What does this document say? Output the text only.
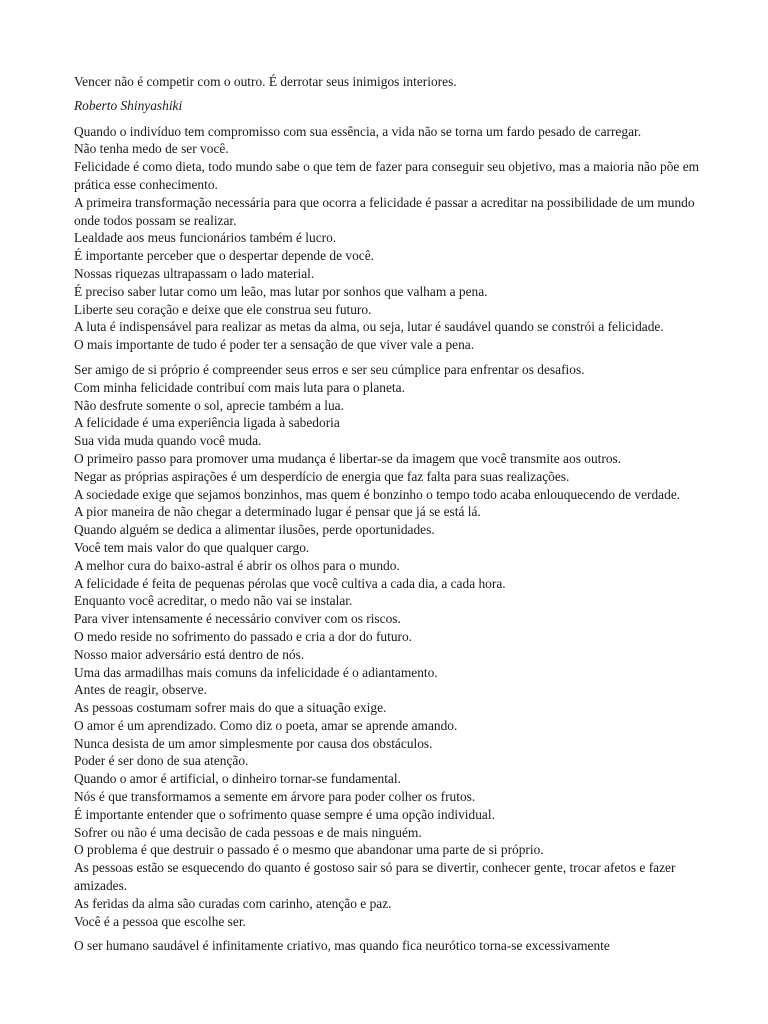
Vencer não é competir com o outro. É derrotar seus inimigos interiores.

Roberto Shinyashiki

Quando o indivíduo tem compromisso com sua essência, a vida não se torna um fardo pesado de carregar.

Não tenha medo de ser você.

Felicidade é como dieta, todo mundo sabe o que tem de fazer para conseguir seu objetivo, mas a maioria não põe em prática esse conhecimento.

A primeira transformação necessária para que ocorra a felicidade é passar a acreditar na possibilidade de um mundo onde todos possam se realizar.

Lealdade aos meus funcionários também é lucro.

É importante perceber que o despertar depende de você.

Nossas riquezas ultrapassam o lado material.

É preciso saber lutar como um leão, mas lutar por sonhos que valham a pena.

Liberte seu coração e deixe que ele construa seu futuro.

A luta é indispensável para realizar as metas da alma, ou seja, lutar é saudável quando se constrói a felicidade.

O mais importante de tudo é poder ter a sensação de que viver vale a pena.

Ser amigo de si próprio é compreender seus erros e ser seu cúmplice para enfrentar os desafios.

Com minha felicidade contribuí com mais luta para o planeta.

Não desfrute somente o sol, aprecie também a lua.

A felicidade é uma experiência ligada à sabedoria

Sua vida muda quando você muda.

O primeiro passo para promover uma mudança é libertar-se da imagem que você transmite aos outros.

Negar as próprias aspirações é um desperdício de energia que faz falta para suas realizações.

A sociedade exige que sejamos bonzinhos, mas quem é bonzinho o tempo todo acaba enlouquecendo de verdade.

A pior maneira de não chegar a determinado lugar é pensar que já se está lá.

Quando alguém se dedica a alimentar ilusões, perde oportunidades.

Você tem mais valor do que qualquer cargo.

A melhor cura do baixo-astral é abrir os olhos para o mundo.

A felicidade é feita de pequenas pérolas que você cultiva a cada dia, a cada hora.

Enquanto você acreditar, o medo não vai se instalar.

Para viver intensamente é necessário conviver com os riscos.

O medo reside no sofrimento do passado e cria a dor do futuro.

Nosso maior adversário está dentro de nós.

Uma das armadilhas mais comuns da infelicidade é o adiantamento.

Antes de reagir, observe.

As pessoas costumam sofrer mais do que a situação exige.

O amor é um aprendizado. Como diz o poeta, amar se aprende amando.

Nunca desista de um amor simplesmente por causa dos obstáculos.

Poder é ser dono de sua atenção.

Quando o amor é artificial, o dinheiro tornar-se fundamental.

Nós é que transformamos a semente em árvore para poder colher os frutos.

É importante entender que o sofrimento quase sempre é uma opção individual.

Sofrer ou não é uma decisão de cada pessoas e de mais ninguém.

O problema é que destruir o passado é o mesmo que abandonar uma parte de si próprio.

As pessoas estão se esquecendo do quanto é gostoso sair só para se divertir, conhecer gente, trocar afetos e fazer amizades.

As feridas da alma são curadas com carinho, atenção e paz.

Você é a pessoa que escolhe ser.

O ser humano saudável é infinitamente criativo, mas quando fica neurótico torna-se excessivamente
